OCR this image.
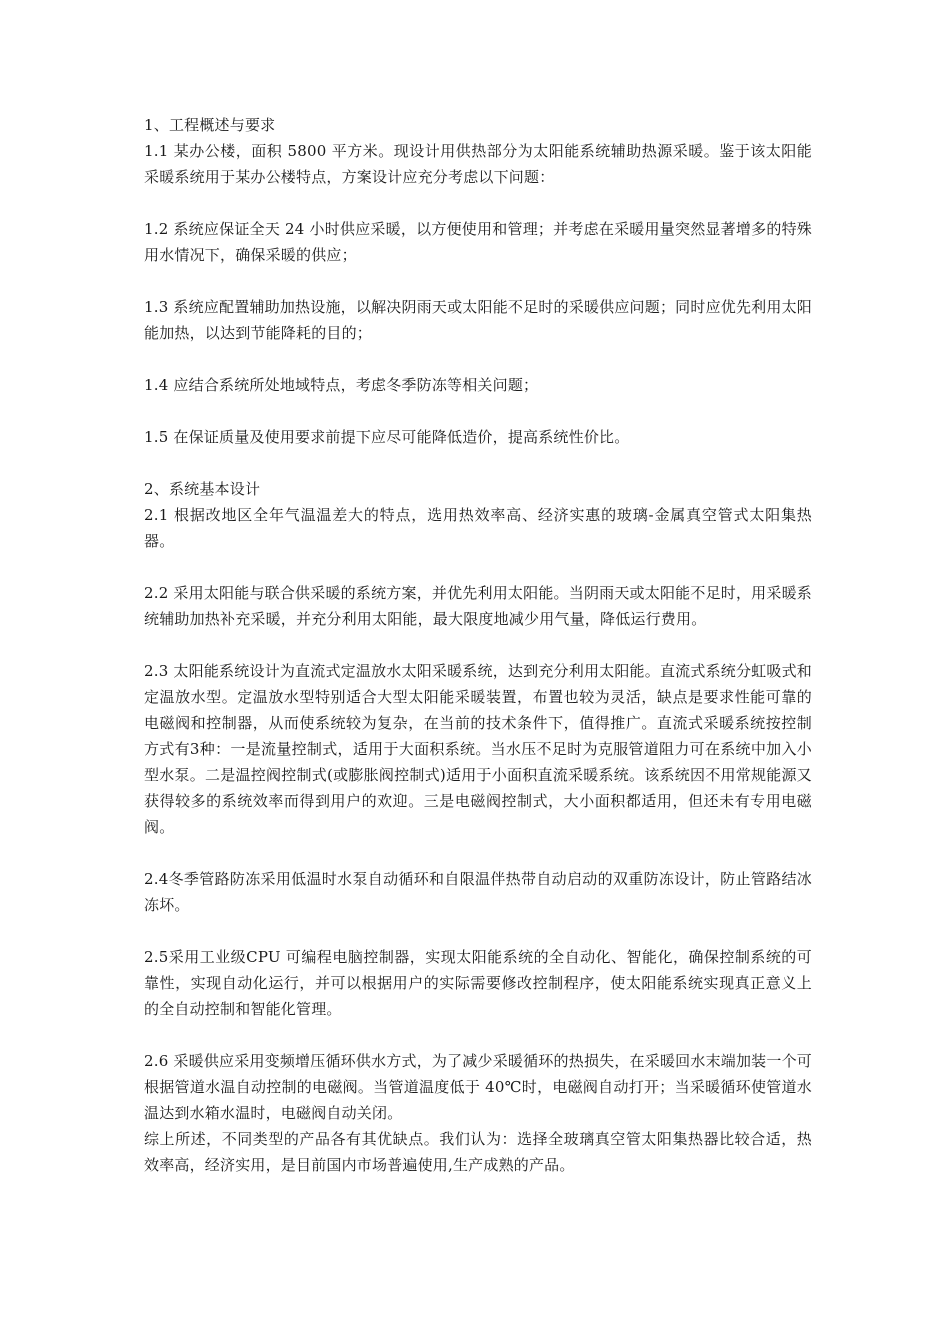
1、工程概述与要求

1.1 某办公楼，面积 5800 平方米。现设计用供热部分为太阳能系统辅助热源采暖。鉴于该太阳能采暖系统用于某办公楼特点，方案设计应充分考虑以下问题：

1.2 系统应保证全天 24 小时供应采暖，以方便使用和管理；并考虑在采暖用量突然显著增多的特殊用水情况下，确保采暖的供应；

1.3 系统应配置辅助加热设施，以解决阴雨天或太阳能不足时的采暖供应问题；同时应优先利用太阳能加热，以达到节能降耗的目的；

1.4 应结合系统所处地域特点，考虑冬季防冻等相关问题；

1.5 在保证质量及使用要求前提下应尽可能降低造价，提高系统性价比。

2、系统基本设计

2.1 根据改地区全年气温温差大的特点，选用热效率高、经济实惠的玻璃-金属真空管式太阳集热器。

2.2 采用太阳能与联合供采暖的系统方案，并优先利用太阳能。当阴雨天或太阳能不足时，用采暖系统辅助加热补充采暖，并充分利用太阳能，最大限度地减少用气量，降低运行费用。

2.3 太阳能系统设计为直流式定温放水太阳采暖系统，达到充分利用太阳能。直流式系统分虹吸式和定温放水型。定温放水型特别适合大型太阳能采暖装置，布置也较为灵活，缺点是要求性能可靠的电磁阀和控制器，从而使系统较为复杂，在当前的技术条件下，值得推广。直流式采暖系统按控制方式有3种：一是流量控制式，适用于大面积系统。当水压不足时为克服管道阻力可在系统中加入小型水泵。二是温控阀控制式(或膨胀阀控制式)适用于小面积直流采暖系统。该系统因不用常规能源又获得较多的系统效率而得到用户的欢迎。三是电磁阀控制式，大小面积都适用，但还未有专用电磁阀。

2.4冬季管路防冻采用低温时水泵自动循环和自限温伴热带自动启动的双重防冻设计，防止管路结冰冻坏。

2.5采用工业级CPU 可编程电脑控制器，实现太阳能系统的全自动化、智能化，确保控制系统的可靠性，实现自动化运行，并可以根据用户的实际需要修改控制程序，使太阳能系统实现真正意义上的全自动控制和智能化管理。

2.6 采暖供应采用变频增压循环供水方式，为了减少采暖循环的热损失，在采暖回水末端加装一个可根据管道水温自动控制的电磁阀。当管道温度低于 40℃时，电磁阀自动打开；当采暖循环使管道水温达到水箱水温时，电磁阀自动关闭。

综上所述，不同类型的产品各有其优缺点。我们认为：选择全玻璃真空管太阳集热器比较合适，热效率高，经济实用，是目前国内市场普遍使用,生产成熟的产品。
